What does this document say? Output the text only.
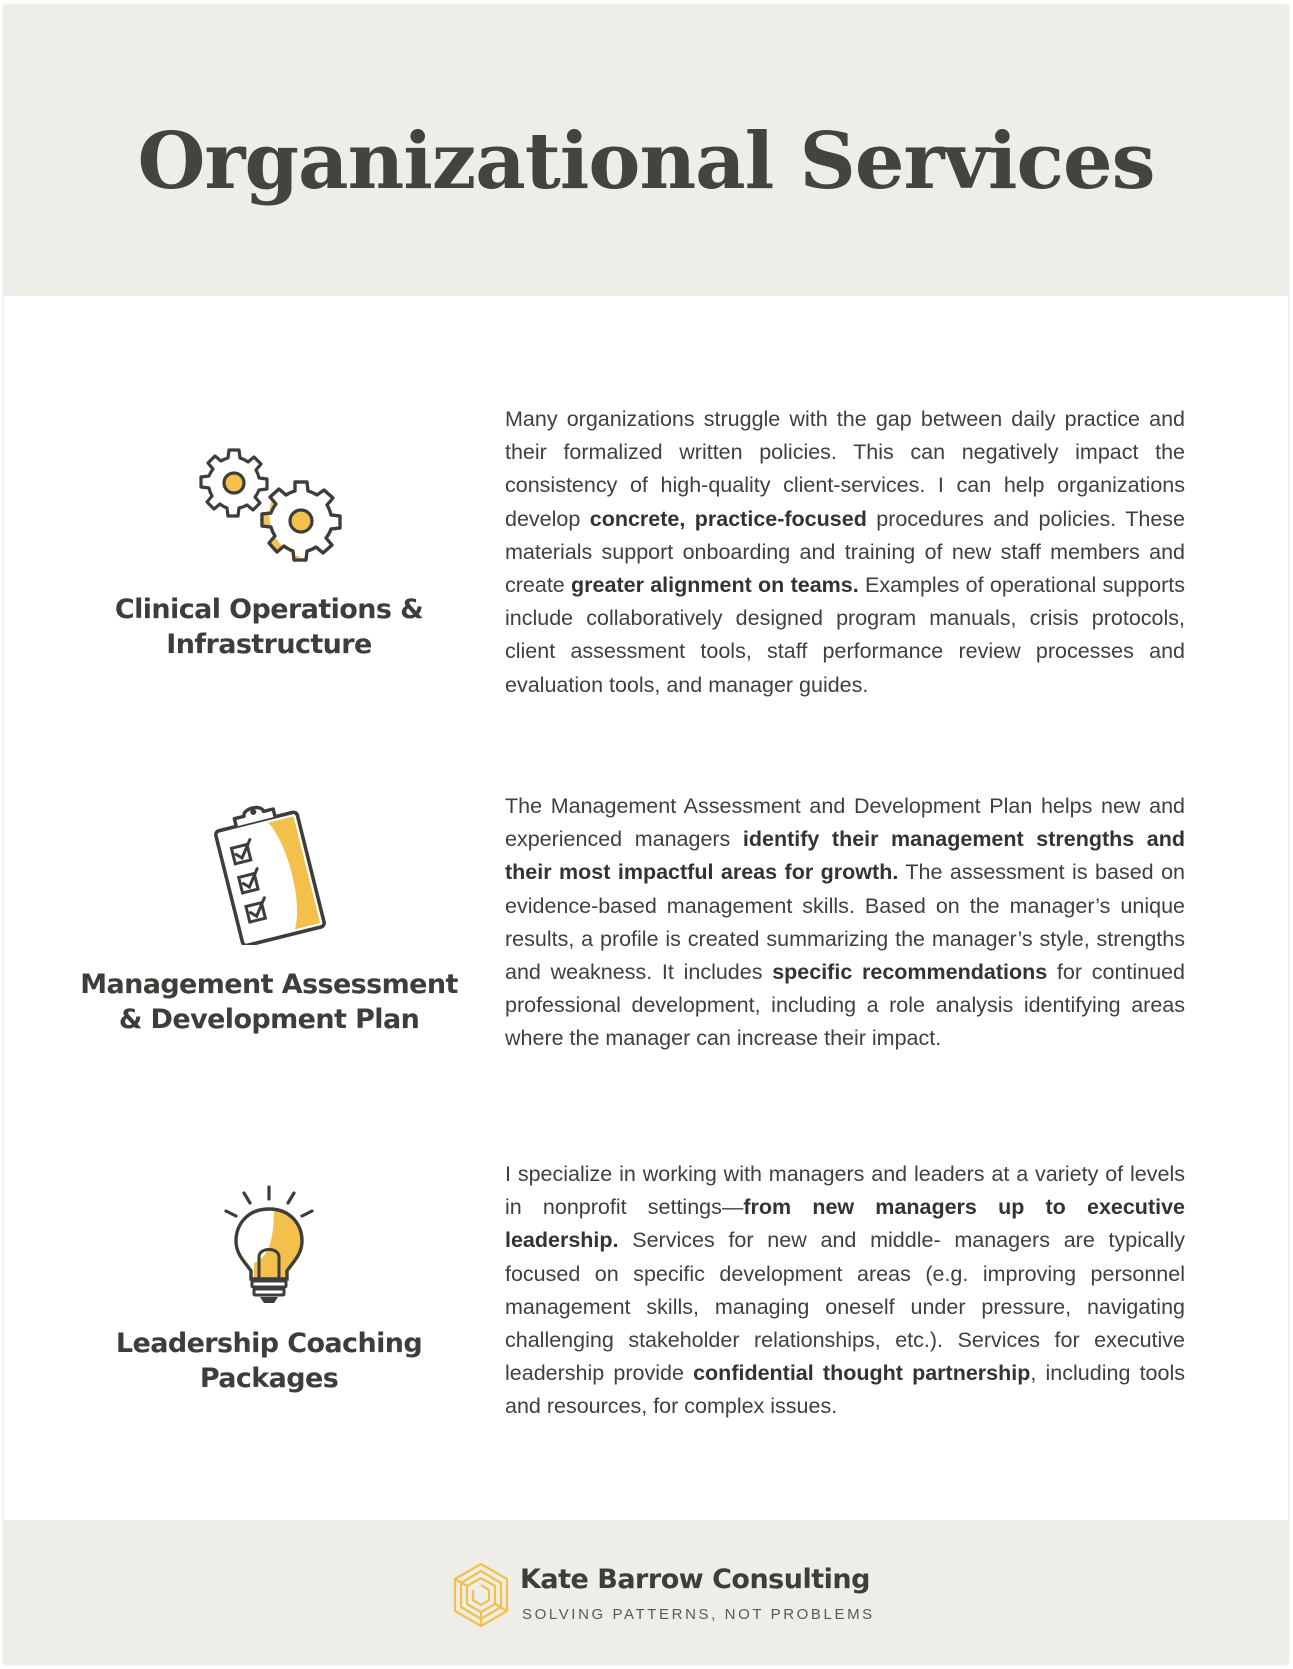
Organizational Services

Clinical Operations &
Infrastructure

Many organizations struggle with the gap between daily practice and their formalized written policies. This can negatively impact the consistency of high-quality client-services. I can help organizations develop concrete, practice-focused procedures and policies. These materials support onboarding and training of new staff members and create greater alignment on teams. Examples of operational supports include collaboratively designed program manuals, crisis protocols, client assessment tools, staff performance review processes and evaluation tools, and manager guides.

Management Assessment
& Development Plan

The Management Assessment and Development Plan helps new and experienced managers identify their management strengths and their most impactful areas for growth. The assessment is based on evidence-based management skills. Based on the manager’s unique results, a profile is created summarizing the manager’s style, strengths and weakness. It includes specific recommendations for continued professional development, including a role analysis identifying areas where the manager can increase their impact.

Leadership Coaching
Packages

I specialize in working with managers and leaders at a variety of levels in nonprofit settings—from new managers up to executive leadership. Services for new and middle- managers are typically focused on specific development areas (e.g. improving personnel management skills, managing oneself under pressure, navigating challenging stakeholder relationships, etc.). Services for executive leadership provide confidential thought partnership, including tools and resources, for complex issues.

Kate Barrow Consulting

SOLVING PATTERNS, NOT PROBLEMS
